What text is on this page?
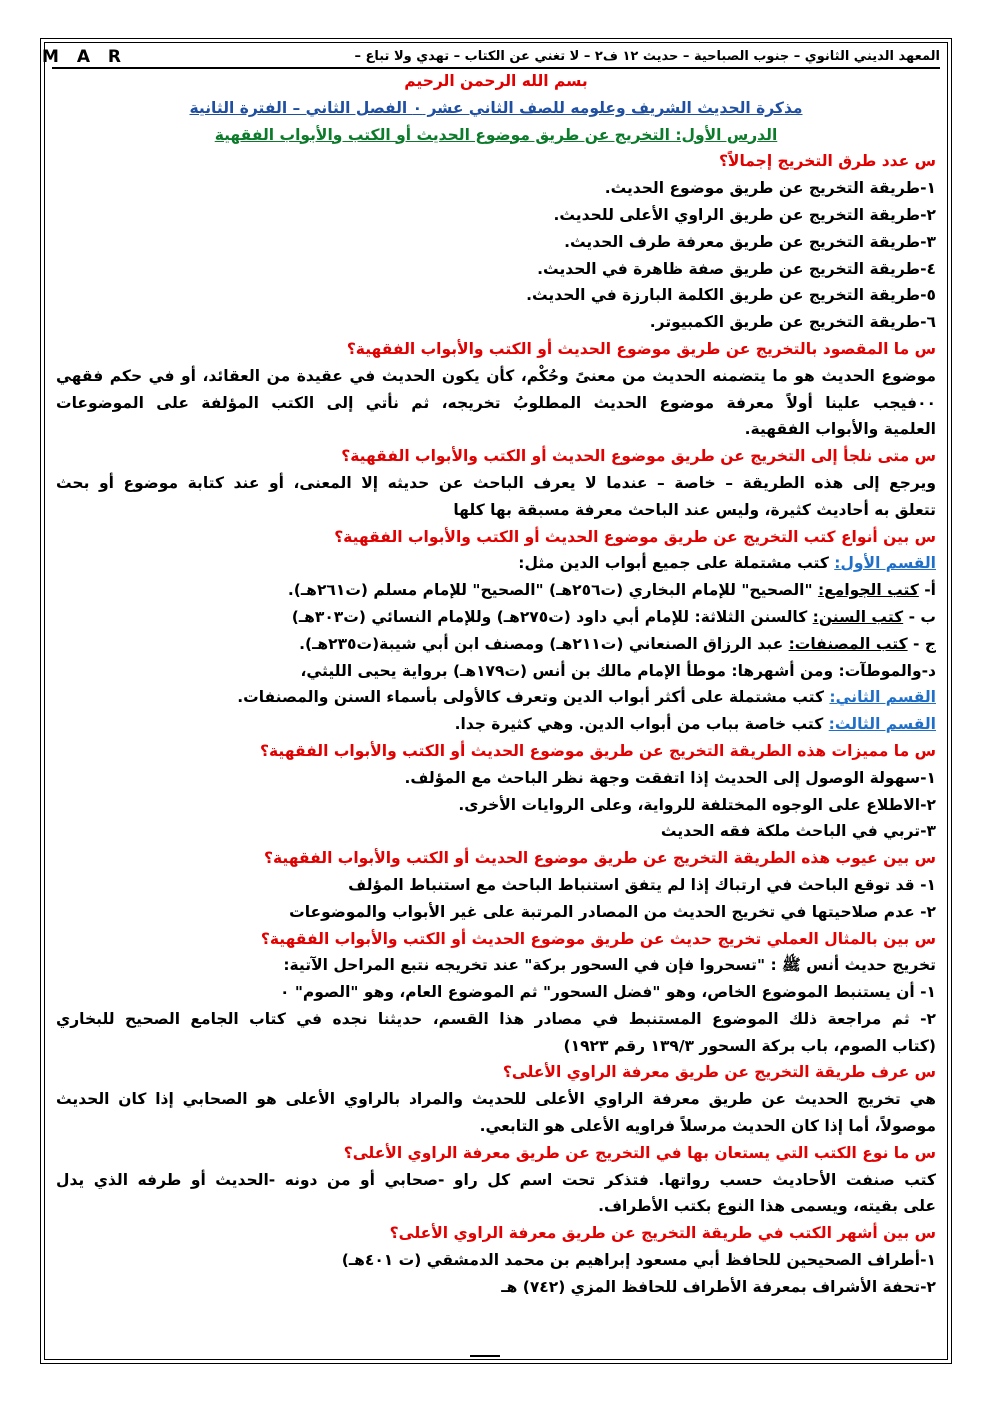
M A R	المعهد الديني الثانوي – جنوب الصباحية – حديث ١٢ ف٢ – لا تغني عن الكتاب – تهدي ولا تباع –
بسم الله الرحمن الرحيم
مذكرة الحديث الشريف وعلومه للصف الثاني عشر ٠ الفصل الثاني – الفترة الثانية
الدرس الأول: التخريج عن طريق موضوع الحديث أو الكتب والأبواب الفقهية
س عدد طرق التخريج إجمالاً؟
١-طريقة التخريج عن طريق موضوع الحديث.
٢-طريقة التخريج عن طريق الراوي الأعلى للحديث.
٣-طريقة التخريج عن طريق معرفة طرف الحديث.
٤-طريقة التخريج عن طريق صفة ظاهرة في الحديث.
٥-طريقة التخريج عن طريق الكلمة البارزة في الحديث.
٦-طريقة التخريج عن طريق الكمبيوتر.
س ما المقصود بالتخريج عن طريق موضوع الحديث أو الكتب والأبواب الفقهية؟
موضوع الحديث هو ما يتضمنه الحديث من معنىً وحُكْم، كأن يكون الحديث في عقيدة من العقائد، أو في حكم فقهي
٠٠فيجب علينا أولاً معرفة موضوع الحديث المطلوبُ تخريجه، ثم نأتي إلى الكتب المؤلفة على الموضوعات
العلمية والأبواب الفقهية.
س متى نلجأ إلى التخريج عن طريق موضوع الحديث أو الكتب والأبواب الفقهية؟
ويرجع إلى هذه الطريقة – خاصة – عندما لا يعرف الباحث عن حديثه إلا المعنى، أو عند كتابة موضوع أو بحث
تتعلق به أحاديث كثيرة، وليس عند الباحث معرفة مسبقة بها كلها
س بين أنواع كتب التخريج عن طريق موضوع الحديث أو الكتب والأبواب الفقهية؟
القسم الأول: كتب مشتملة على جميع أبواب الدين مثل:
أ- كتب الجوامع: "الصحيح" للإمام البخاري (ت٢٥٦هـ) "الصحيح" للإمام مسلم (ت٢٦١هـ).
ب - كتب السنن: كالسنن الثلاثة: للإمام أبي داود (ت٢٧٥هـ) وللإمام النسائي (ت٣٠٣هـ)
ج - كتب المصنفات: عبد الرزاق الصنعاني (ت٢١١هـ) ومصنف ابن أبي شيبة(ت٢٣٥هـ).
د-والموطآت: ومن أشهرها: موطأ الإمام مالك بن أنس (ت١٧٩هـ) برواية يحيى الليثي،
القسم الثاني: كتب مشتملة على أكثر أبواب الدين وتعرف كالأولى بأسماء السنن والمصنفات.
القسم الثالث: كتب خاصة بباب من أبواب الدين. وهي كثيرة جدا.
س ما مميزات هذه الطريقة التخريج عن طريق موضوع الحديث أو الكتب والأبواب الفقهية؟
١-سهولة الوصول إلى الحديث إذا اتفقت وجهة نظر الباحث مع المؤلف.
٢-الاطلاع على الوجوه المختلفة للرواية، وعلى الروايات الأخرى.
٣-تربي في الباحث ملكة فقه الحديث
س بين عيوب هذه الطريقة التخريج عن طريق موضوع الحديث أو الكتب والأبواب الفقهية؟
١- قد توقع الباحث في ارتباك إذا لم يتفق استنباط الباحث مع استنباط المؤلف
٢- عدم صلاحيتها في تخريج الحديث من المصادر المرتبة على غير الأبواب والموضوعات
س بين بالمثال العملي تخريج حديث عن طريق موضوع الحديث أو الكتب والأبواب الفقهية؟
تخريج حديث أنس ﷺ : "تسحروا فإن في السحور بركة" عند تخريجه نتبع المراحل الآتية:
١- أن يستنبط الموضوع الخاص، وهو "فضل السحور" ثم الموضوع العام، وهو "الصوم" ٠
٢- ثم مراجعة ذلك الموضوع المستنبط في مصادر هذا القسم، حديثنا نجده في كتاب الجامع الصحيح للبخاري
(كتاب الصوم، باب بركة السحور ١٣٩/٣ رقم ١٩٢٣)
س عرف طريقة التخريج عن طريق معرفة الراوي الأعلى؟
هي تخريج الحديث عن طريق معرفة الراوي الأعلى للحديث والمراد بالراوي الأعلى هو الصحابي إذا كان الحديث
موصولاً، أما إذا كان الحديث مرسلاً فراويه الأعلى هو التابعي.
س ما نوع الكتب التي يستعان بها في التخريج عن طريق معرفة الراوي الأعلى؟
كتب صنفت الأحاديث حسب رواتها. فتذكر تحت اسم كل راو -صحابي أو من دونه -الحديث أو طرفه الذي يدل
على بقيته، ويسمى هذا النوع بكتب الأطراف.
س بين أشهر الكتب في طريقة التخريج عن طريق معرفة الراوي الأعلى؟
١-أطراف الصحيحين للحافظ أبي مسعود إبراهيم بن محمد الدمشقي (ت ٤٠١هـ)
٢-تحفة الأشراف بمعرفة الأطراف للحافظ المزي (٧٤٢) هـ
